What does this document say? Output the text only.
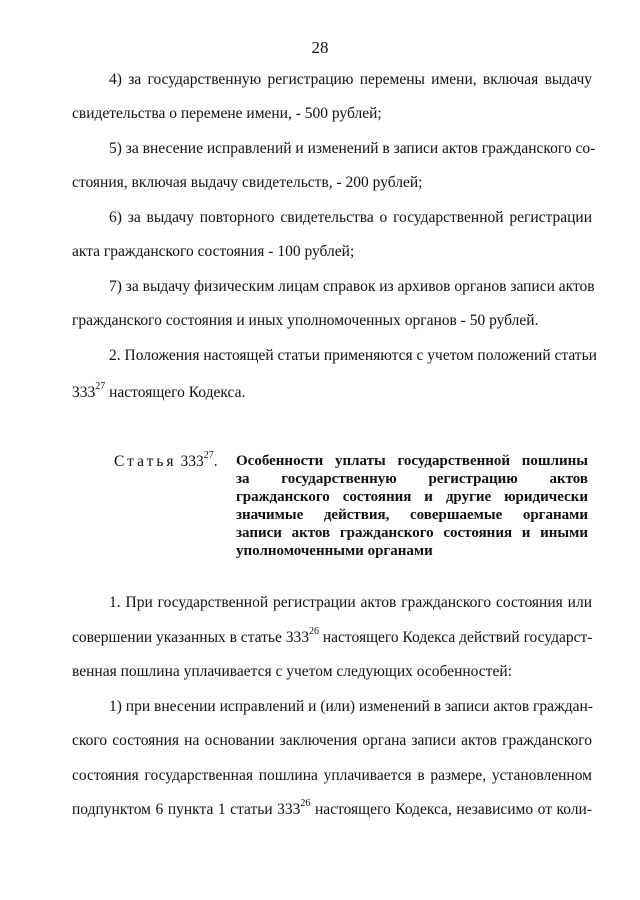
28
4) за государственную регистрацию перемены имени, включая выдачу
свидетельства о перемене имени, - 500 рублей;
5) за внесение исправлений и изменений в записи актов гражданского со-
стояния, включая выдачу свидетельств, - 200 рублей;
6) за выдачу повторного свидетельства о государственной регистрации
акта гражданского состояния - 100 рублей;
7) за выдачу физическим лицам справок из архивов органов записи актов
гражданского состояния и иных уполномоченных органов - 50 рублей.
2. Положения настоящей статьи применяются с учетом положений статьи
$333^{27}$ настоящего Кодекса.
Статья $333^{27}$. Особенности уплаты государственной пошлины
за государственную регистрацию актов
гражданского состояния и другие юридически
значимые действия, совершаемые органами
записи актов гражданского состояния и иными
уполномоченными органами
1. При государственной регистрации актов гражданского состояния или
совершении указанных в статье $333^{26}$ настоящего Кодекса действий государст-
венная пошлина уплачивается с учетом следующих особенностей:
1) при внесении исправлений и (или) изменений в записи актов граждан-
ского состояния на основании заключения органа записи актов гражданского
состояния государственная пошлина уплачивается в размере, установленном
подпунктом 6 пункта 1 статьи $333^{26}$ настоящего Кодекса, независимо от коли-
